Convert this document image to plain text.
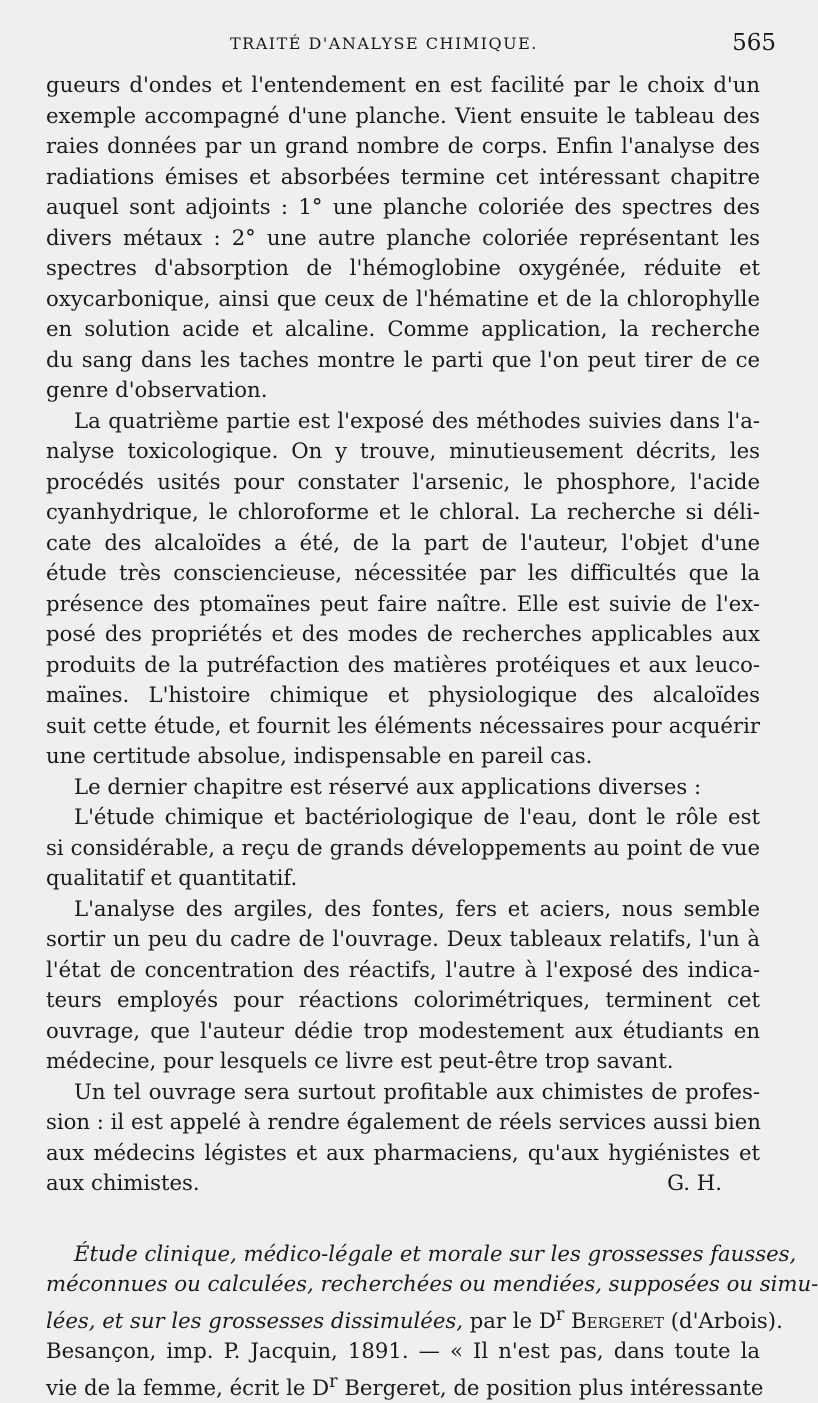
TRAITÉ D'ANALYSE CHIMIQUE.	565
gueurs d'ondes et l'entendement en est facilité par le choix d'un
exemple accompagné d'une planche. Vient ensuite le tableau des
raies données par un grand nombre de corps. Enfin l'analyse des
radiations émises et absorbées termine cet intéressant chapitre
auquel sont adjoints : 1° une planche coloriée des spectres des
divers métaux : 2° une autre planche coloriée représentant les
spectres d'absorption de l'hémoglobine oxygénée, réduite et
oxycarbonique, ainsi que ceux de l'hématine et de la chlorophylle
en solution acide et alcaline. Comme application, la recherche
du sang dans les taches montre le parti que l'on peut tirer de ce
genre d'observation.
La quatrième partie est l'exposé des méthodes suivies dans l'a-
nalyse toxicologique. On y trouve, minutieusement décrits, les
procédés usités pour constater l'arsenic, le phosphore, l'acide
cyanhydrique, le chloroforme et le chloral. La recherche si déli-
cate des alcaloïdes a été, de la part de l'auteur, l'objet d'une
étude très consciencieuse, nécessitée par les difficultés que la
présence des ptomaïnes peut faire naître. Elle est suivie de l'ex-
posé des propriétés et des modes de recherches applicables aux
produits de la putréfaction des matières protéiques et aux leuco-
maïnes. L'histoire chimique et physiologique des alcaloïdes
suit cette étude, et fournit les éléments nécessaires pour acquérir
une certitude absolue, indispensable en pareil cas.
Le dernier chapitre est réservé aux applications diverses :
L'étude chimique et bactériologique de l'eau, dont le rôle est
si considérable, a reçu de grands développements au point de vue
qualitatif et quantitatif.
L'analyse des argiles, des fontes, fers et aciers, nous semble
sortir un peu du cadre de l'ouvrage. Deux tableaux relatifs, l'un à
l'état de concentration des réactifs, l'autre à l'exposé des indica-
teurs employés pour réactions colorimétriques, terminent cet
ouvrage, que l'auteur dédie trop modestement aux étudiants en
médecine, pour lesquels ce livre est peut-être trop savant.
Un tel ouvrage sera surtout profitable aux chimistes de profes-
sion : il est appelé à rendre également de réels services aussi bien
aux médecins légistes et aux pharmaciens, qu'aux hygiénistes et
aux chimistes.	G. H.
Étude clinique, médico-légale et morale sur les grossesses fausses,
méconnues ou calculées, recherchées ou mendiées, supposées ou simu-
lées, et sur les grossesses dissimulées, par le $D^r$ Bergeret (d'Arbois).
Besançon, imp. P. Jacquin, 1891. — « Il n'est pas, dans toute la
vie de la femme, écrit le $D^r$ Bergeret, de position plus intéressante
